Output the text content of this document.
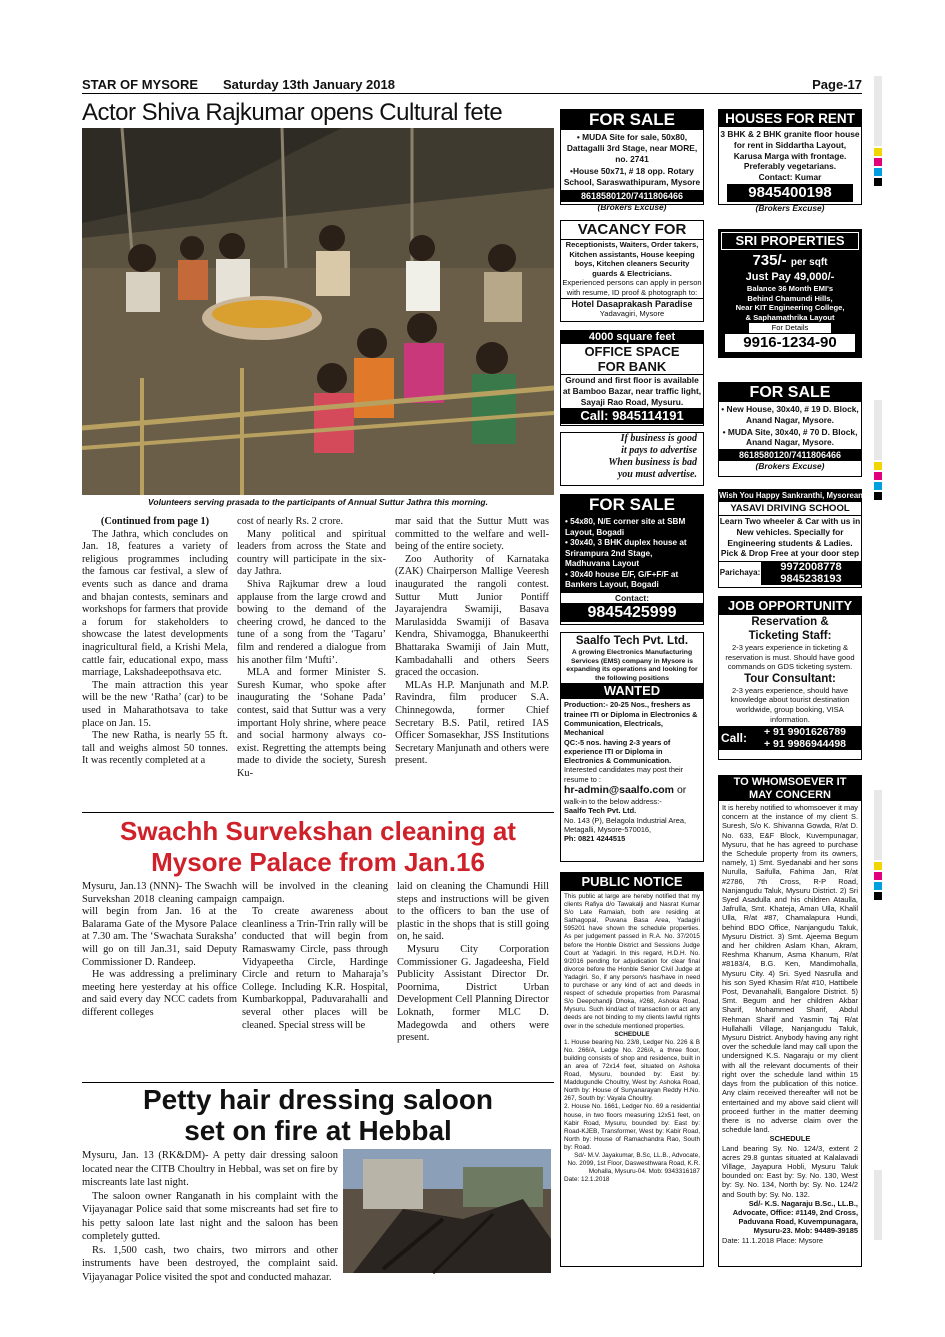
STAR OF MYSORE Saturday 13th January 2018	Page-17
Actor Shiva Rajkumar opens Cultural fete
Volunteers serving prasada to the participants of Annual Suttur Jathra this morning.

(Continued from page 1)

The Jathra, which concludes on Jan. 18, features a variety of religious programmes including the famous car festival, a slew of events such as dance and drama and bhajan contests, seminars and workshops for farmers that provide a forum for stakeholders to showcase the latest developments inagricultural field, a Krishi Mela, cattle fair, educational expo, mass marriage, Lakshadeepothsava etc.

The main attraction this year will be the new ‘Ratha’ (car) to be used in Maharathotsava to take place on Jan. 15.

The new Ratha, is nearly 55 ft. tall and weighs almost 50 tonnes. It was recently completed at a

cost of nearly Rs. 2 crore.

Many political and spiritual leaders from across the State and country will participate in the six-day Jathra.

Shiva Rajkumar drew a loud applause from the large crowd and bowing to the demand of the cheering crowd, he danced to the tune of a song from the ‘Tagaru’ film and rendered a dialogue from his another film ‘Mufti’.

MLA and former Minister S. Suresh Kumar, who spoke after inaugurating the ‘Sohane Pada’ contest, said that Suttur was a very important Holy shrine, where peace and social harmony always co-exist. Regretting the attempts being made to divide the society, Suresh Ku-

mar said that the Suttur Mutt was committed to the welfare and well-being of the entire society.

Zoo Authority of Karnataka (ZAK) Chairperson Mallige Veeresh inaugurated the rangoli contest. Suttur Mutt Junior Pontiff Jayarajendra Swamiji, Basava Marulasidda Swamiji of Basava Kendra, Shivamogga, Bhanukeerthi Bhattaraka Swamiji of Jain Mutt, Kambadahalli and others Seers graced the occasion.

MLAs H.P. Manjunath and M.P. Ravindra, film producer S.A. Chinnegowda, former Chief Secretary B.S. Patil, retired IAS Officer Somasekhar, JSS Institutions Secretary Manjunath and others were present.

Swachh Survekshan cleaning at
Mysore Palace from Jan.16

Mysuru, Jan.13 (NNN)- The Swachh Survekshan 2018 cleaning campaign will begin from Jan. 16 at the Balarama Gate of the Mysore Palace at 7.30 am. The ‘Swachata Suraksha’ will go on till Jan.31, said Deputy Commissioner D. Randeep.

He was addressing a preliminary meeting here yesterday at his office and said every day NCC cadets from different colleges

will be involved in the cleaning campaign.

To create awareness about cleanliness a Trin-Trin rally will be conducted that will begin from Ramaswamy Circle, pass through Vidyapeetha Circle, Hardinge Circle and return to Maharaja’s College. Including K.R. Hospital, Kumbarkoppal, Paduvarahalli and several other places will be cleaned. Special stress will be

laid on cleaning the Chamundi Hill steps and instructions will be given to the officers to ban the use of plastic in the shops that is still going on, he said.

Mysuru City Corporation Commissioner G. Jagadeesha, Field Publicity Assistant Director Dr. Poornima, District Urban Development Cell Planning Director Loknath, former MLC D. Madegowda and others were present.

Petty hair dressing saloon
set on fire at Hebbal

Mysuru, Jan. 13 (RK&DM)- A petty dair dressing saloon located near the CITB Choultry in Hebbal, was set on fire by miscreants late last night.

The saloon owner Ranganath in his complaint with the Vijayanagar Police said that some miscreants had set fire to his petty saloon late last night and the saloon has been completely gutted.

Rs. 1,500 cash, two chairs, two mirrors and other instruments have been destroyed, the complaint said. Vijayanagar Police visited the spot and conducted mahazar.

FOR SALE
• MUDA Site for sale, 50x80, Dattagalli 3rd Stage, near MORE, no. 2741
•House 50x71, # 18 opp. Rotary School, Saraswathipuram, Mysore
8618580120/7411806466
(Brokers Excuse)
VACANCY FOR
Receptionists, Waiters, Order takers, Kitchen assistants, House keeping boys, Kitchen cleaners Security guards & Electricians.
Experienced persons can apply in person with resume, ID proof & photograph to:
Hotel Dasaprakash Paradise
Yadavagiri, Mysore
4000 square feet
OFFICE SPACE
FOR BANK
Ground and first floor is available at Bamboo Bazar, near traffic light, Sayaji Rao Road, Mysuru.
Call: 9845114191
If business is good
it pays to advertise
When business is bad
you must advertise.
FOR SALE
• 54x80, N/E corner site at SBM Layout, Bogadi
• 30x40, 3 BHK duplex house at Srirampura 2nd Stage, Madhuvana Layout
• 30x40 house E/F, G/F+F/F at Bankers Layout, Bogadi
Contact:
9845425999
Saalfo Tech Pvt. Ltd.
A growing Electronics Manufacturing Services (EMS) company in Mysore is expanding its operations and looking for the following positions
WANTED
Production:- 20-25 Nos., freshers as trainee ITI or Diploma in Electronics & Communication, Electricals, Mechanical
QC:-5 nos. having 2-3 years of experience ITI or Diploma in Electronics & Communication.
Interested candidates may post their resume to :
hr-admin@saalfo.com or
walk-in to the below address:-
Saalfo Tech Pvt. Ltd.
No. 143 (P), Belagola Industrial Area, Metagalli, Mysore-570016,
Ph: 0821 4244515
PUBLIC NOTICE
This public at large are hereby notified that my clients Rafiya d/o Tawakalji and Nasrat Kumar S/o Late Ramaiah, both are residing at Sathagopal, Puvana Basa Area, Yadagiri 595201 have shown the schedule properties. As per judgement passed in R.A. No. 37/2015 before the Honble District and Sessions Judge Court at Yadagiri. In this regard, H.D.H. No. 9/2016 pending for adjudication for clear final divorce before the Honble Senior Civil Judge at Yadagiri. So, if any person/s has/have in need to purchase or any kind of act and deeds in respect of schedule properties from Parasmal S/o Deepchandji Dhoka, #268, Ashoka Road, Mysuru. Such kind/act of transaction or act any deeds are not binding to my clients lawful rights over in the schedule mentioned properties.
SCHEDULE
1. House bearing No. 23/8, Ledger No. 226 & B No. 266/A, Ledge No. 226/A, a three floor, building consists of shop and residence, built in an area of 72x14 feet, situated on Ashoka Road, Mysuru, bounded by: East by: Maddugundle Choultry, West by: Ashoka Road, North by: House of Suryanarayan Reddy H.No. 267, South by: Vayala Choultry.
2. House No. 1661, Ledger No. 69 a residential house, in two floors measuring 12x51 feet, on Kabir Road, Mysuru, bounded by: East by: Road-KJEB, Transformer, West by: Kabir Road, North by: House of Ramachandra Rao, South by: Road.
Sd/- M.V. Jayakumar, B.Sc, LL.B., Advocate, No. 2099, 1st Floor, Daswesthwara Road, K.R. Mohalla, Mysuru-04. Mob: 9343316187
Date: 12.1.2018
HOUSES FOR RENT
3 BHK & 2 BHK granite floor house for rent in Siddartha Layout, Karusa Marga with frontage. Preferably vegetarians.
Contact: Kumar
9845400198
(Brokers Excuse)
SRI PROPERTIES
735/- per sqft
Just Pay 49,000/-
Balance 36 Month EMI's
Behind Chamundi Hills,
Near KIT Engineering College,
& Saphamathrika Layout
For Details
9916-1234-90
FOR SALE
• New House, 30x40, # 19 D. Block, Anand Nagar, Mysore.
• MUDA Site, 30x40, # 70 D. Block, Anand Nagar, Mysore.
8618580120/7411806466
(Brokers Excuse)
Wish You Happy Sankranthi, Mysoreans
YASAVI DRIVING SCHOOL
Learn Two wheeler & Car with us in New vehicles. Specially for Engineering students & Ladies.
Pick & Drop Free at your door step
Parichaya:	9972008778
9845238193
JOB OPPORTUNITY
Reservation &
Ticketing Staff:
2-3 years experience in ticketing & reservation is must. Should have good commands on GDS ticketing system.
Tour Consultant:
2-3 years experience, should have knowledge about tourist destination worldwide, group booking, VISA information.
Call:	+ 91 9901626789
+ 91 9986944498
TO WHOMSOEVER IT
MAY CONCERN
It is hereby notified to whomsoever it may concern at the instance of my client S. Suresh, S/o K. Shivanna Gowda, R/at D. No. 633, E&F Block, Kuvempunagar, Mysuru, that he has agreed to purchase the Schedule property from its owners, namely, 1) Smt. Syedanabi and her sons Nurulla, Saifulla, Fahima Jan, R/at #2786, 7th Cross, R-P Road, Nanjangudu Taluk, Mysuru District. 2) Sri Syed Asadulla and his children Ataulla, Jafrulla, Smt. Khateja, Aman Ulla, Khalil Ulla, R/at #87, Chamalapura Hundi, behind BDO Office, Nanjangudu Taluk, Mysuru District. 3) Smt. Ajeema Begum and her children Aslam Khan, Akram, Reshma Khanum, Asma Khanum, R/at #8183/4, B.G. Ken, Mandimohalla, Mysuru City. 4) Sri. Syed Nasrulla and his son Syed Khasim R/at #10, Hattibele Post, Devanahalli, Bangalore District. 5) Smt. Begum and her children Akbar Sharif, Mohammed Sharif, Abdul Rehman Sharif and Yasmin Taj R/at Hullahalli Village, Nanjangudu Taluk, Mysuru District. Anybody having any right over the schedule land may call upon the undersigned K.S. Nagaraju or my client with all the relevant documents of their right over the schedule land within 15 days from the publication of this notice. Any claim received thereafter will not be entertained and my above said client will proceed further in the matter deeming there is no adverse claim over the schedule land.
SCHEDULE
Land bearing Sy. No. 124/3, extent 2 acres 29.8 guntas situated at Kalalavadi Village, Jayapura Hobli, Mysuru Taluk bounded on: East by: Sy. No. 130, West by: Sy. No. 134, North by: Sy. No. 124/2 and South by: Sy. No. 132.
Sd/- K.S. Nagaraju B.Sc., LL.B., Advocate, Office: #1149, 2nd Cross, Paduvana Road, Kuvempunagara, Mysuru-23. Mob: 94489-39185
Date: 11.1.2018 Place: Mysore
